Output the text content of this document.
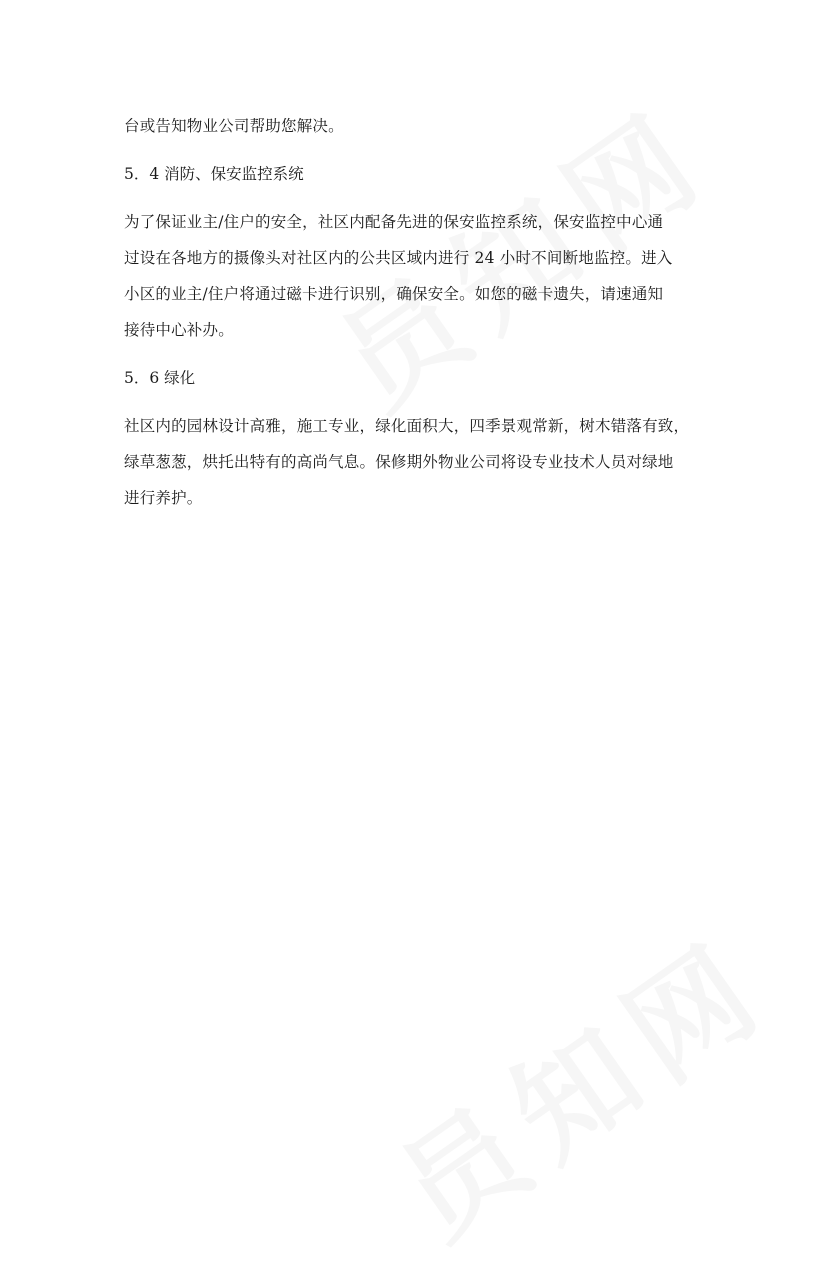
台或告知物业公司帮助您解决。

5．4 消防、保安监控系统

为了保证业主/住户的安全，社区内配备先进的保安监控系统，保安监控中心通
过设在各地方的摄像头对社区内的公共区域内进行 24 小时不间断地监控。进入
小区的业主/住户将通过磁卡进行识别，确保安全。如您的磁卡遗失，请速通知
接待中心补办。

5．6 绿化

社区内的园林设计高雅，施工专业，绿化面积大，四季景观常新，树木错落有致，
绿草葱葱，烘托出特有的高尚气息。保修期外物业公司将设专业技术人员对绿地
进行养护。
